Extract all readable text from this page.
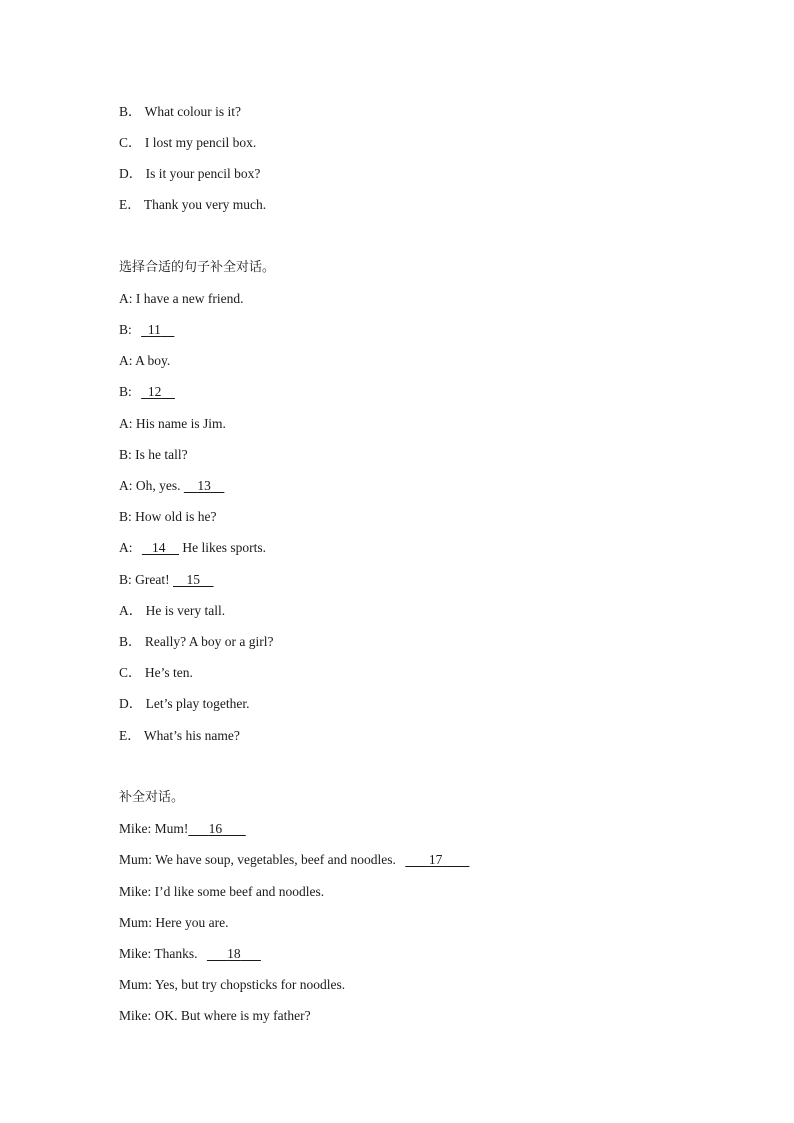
B． What colour is it?
C． I lost my pencil box.
D． Is it your pencil box?
E． Thank you very much.
选择合适的句子补全对话。
A: I have a new friend.
B: 11
A: A boy.
B: 12
A: His name is Jim.
B: Is he tall?
A: Oh, yes. 13
B: How old is he?
A: 14 He likes sports.
B: Great! 15
A． He is very tall.
B． Really? A boy or a girl?
C． He’s ten.
D． Let’s play together.
E． What’s his name?
补全对话。
Mike: Mum! 16
Mum: We have soup, vegetables, beef and noodles. 17
Mike: I’d like some beef and noodles.
Mum: Here you are.
Mike: Thanks. 18
Mum: Yes, but try chopsticks for noodles.
Mike: OK. But where is my father?
